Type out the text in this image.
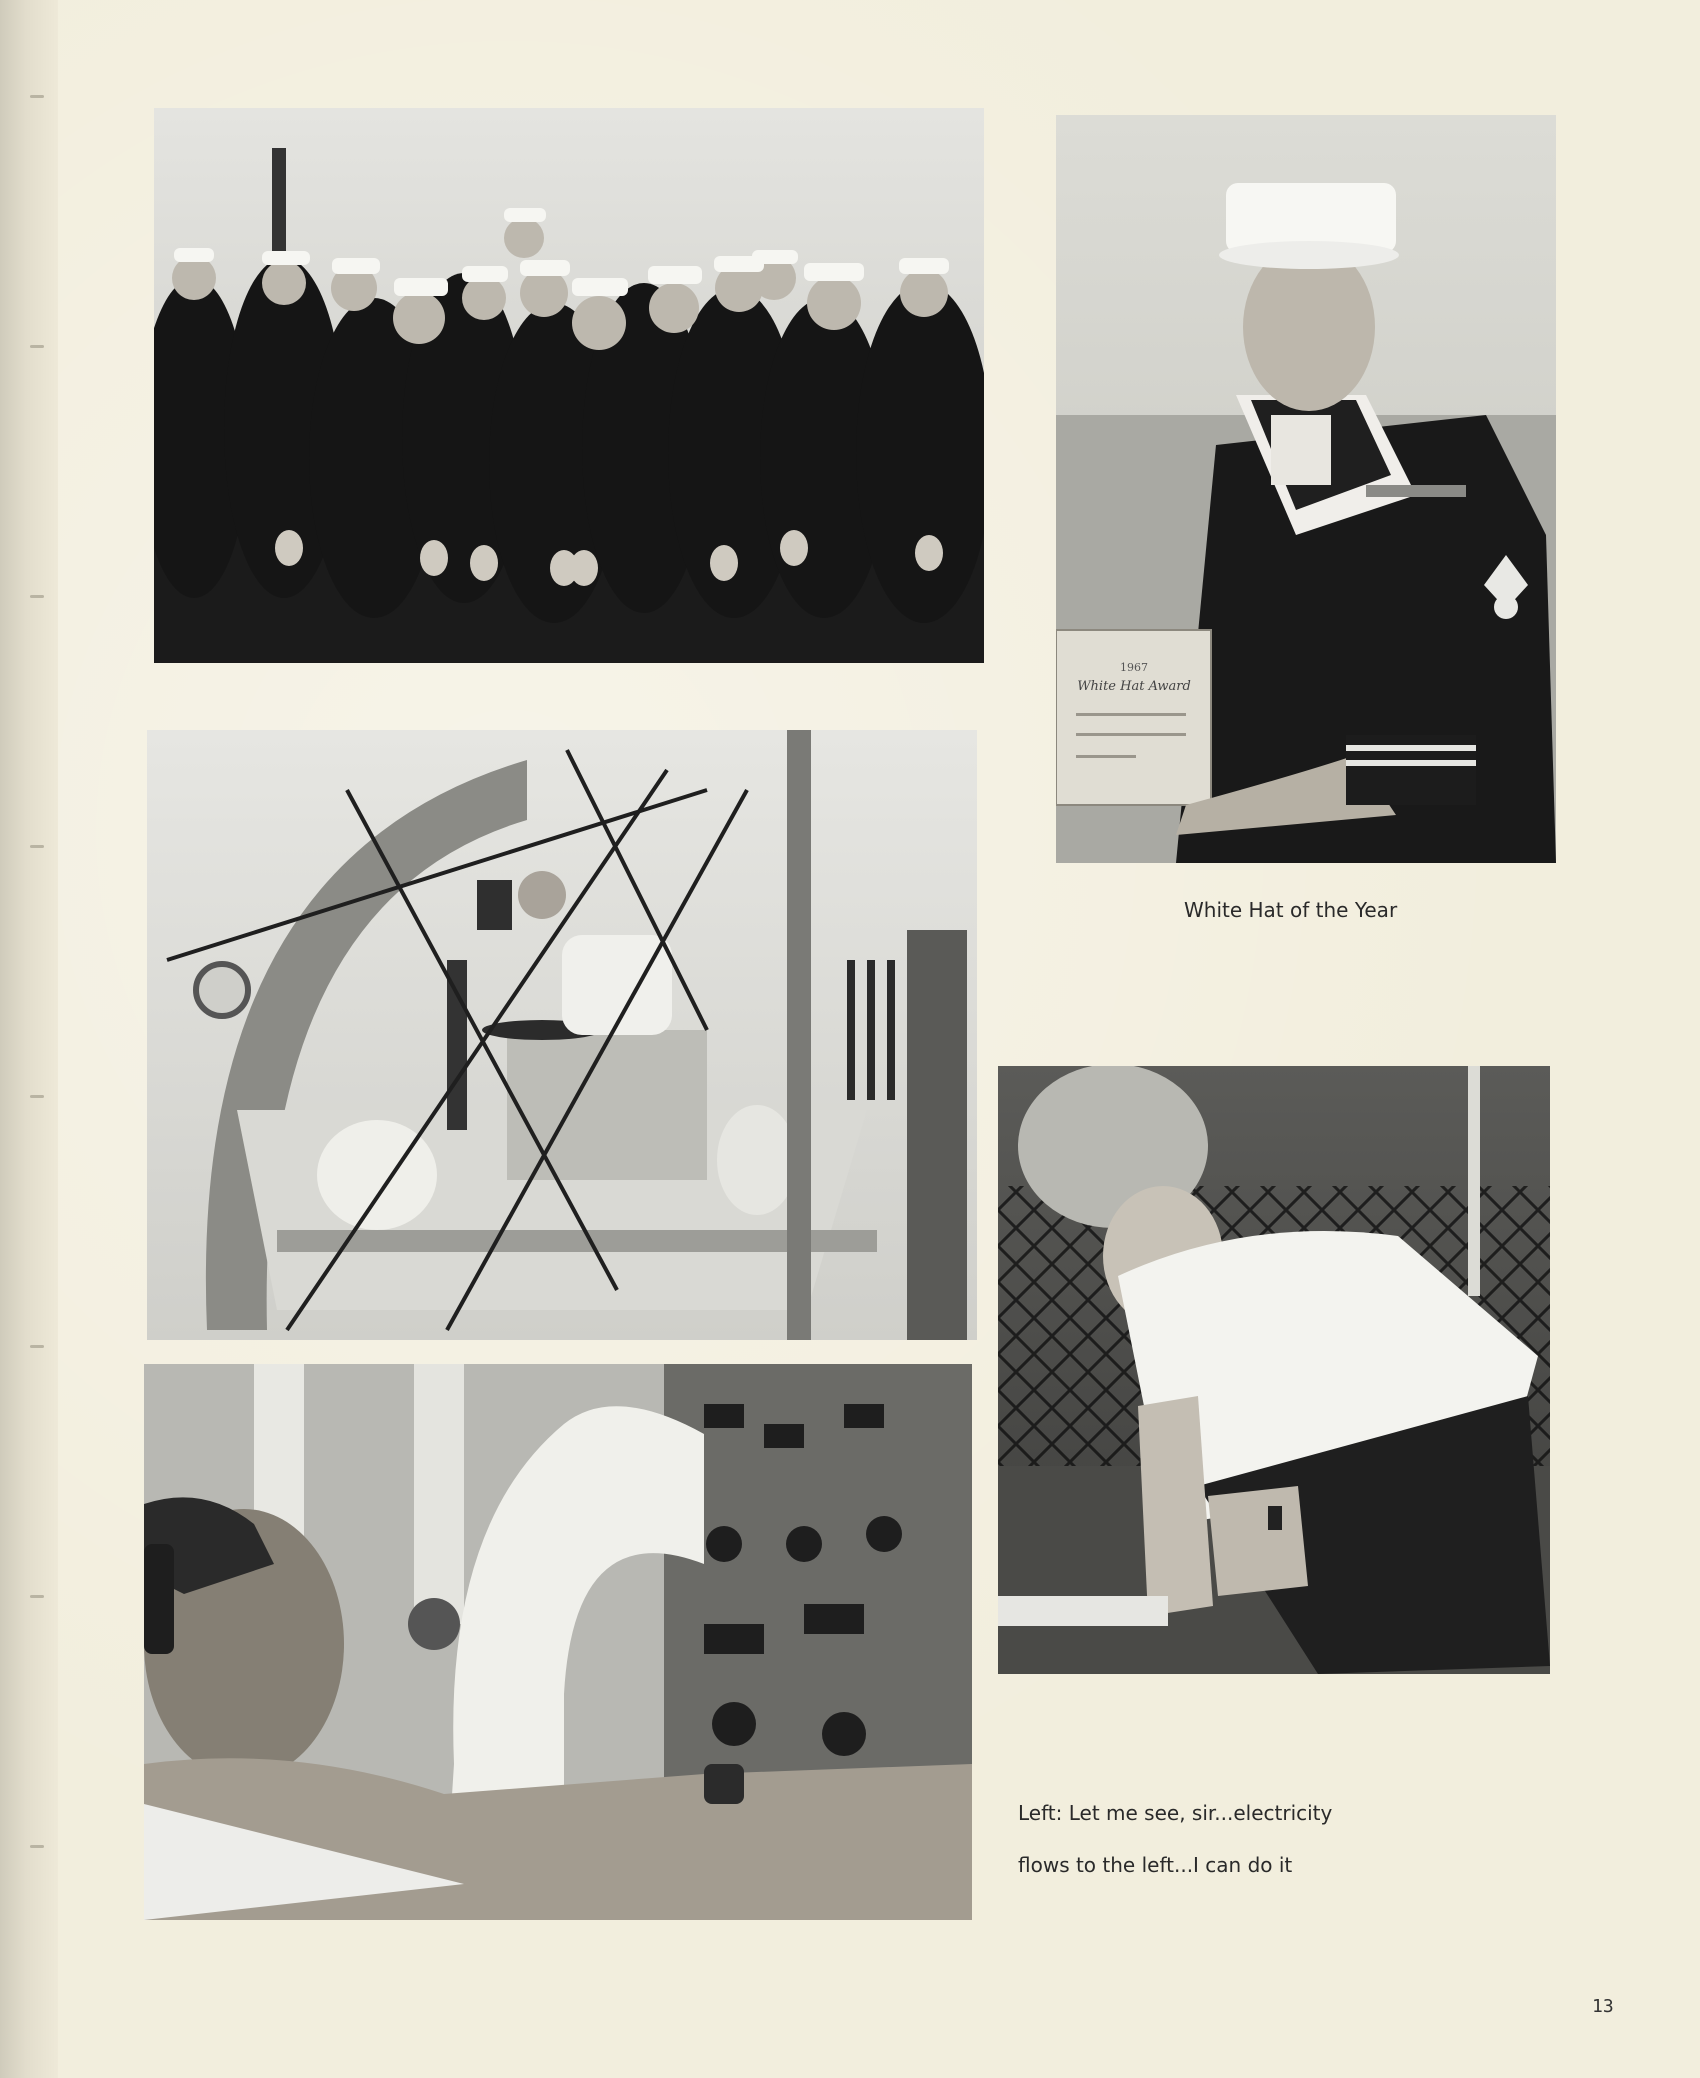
1967
White Hat Award
White Hat of the Year

Left: Let me see, sir...electricity

flows to the left...I can do it

13
